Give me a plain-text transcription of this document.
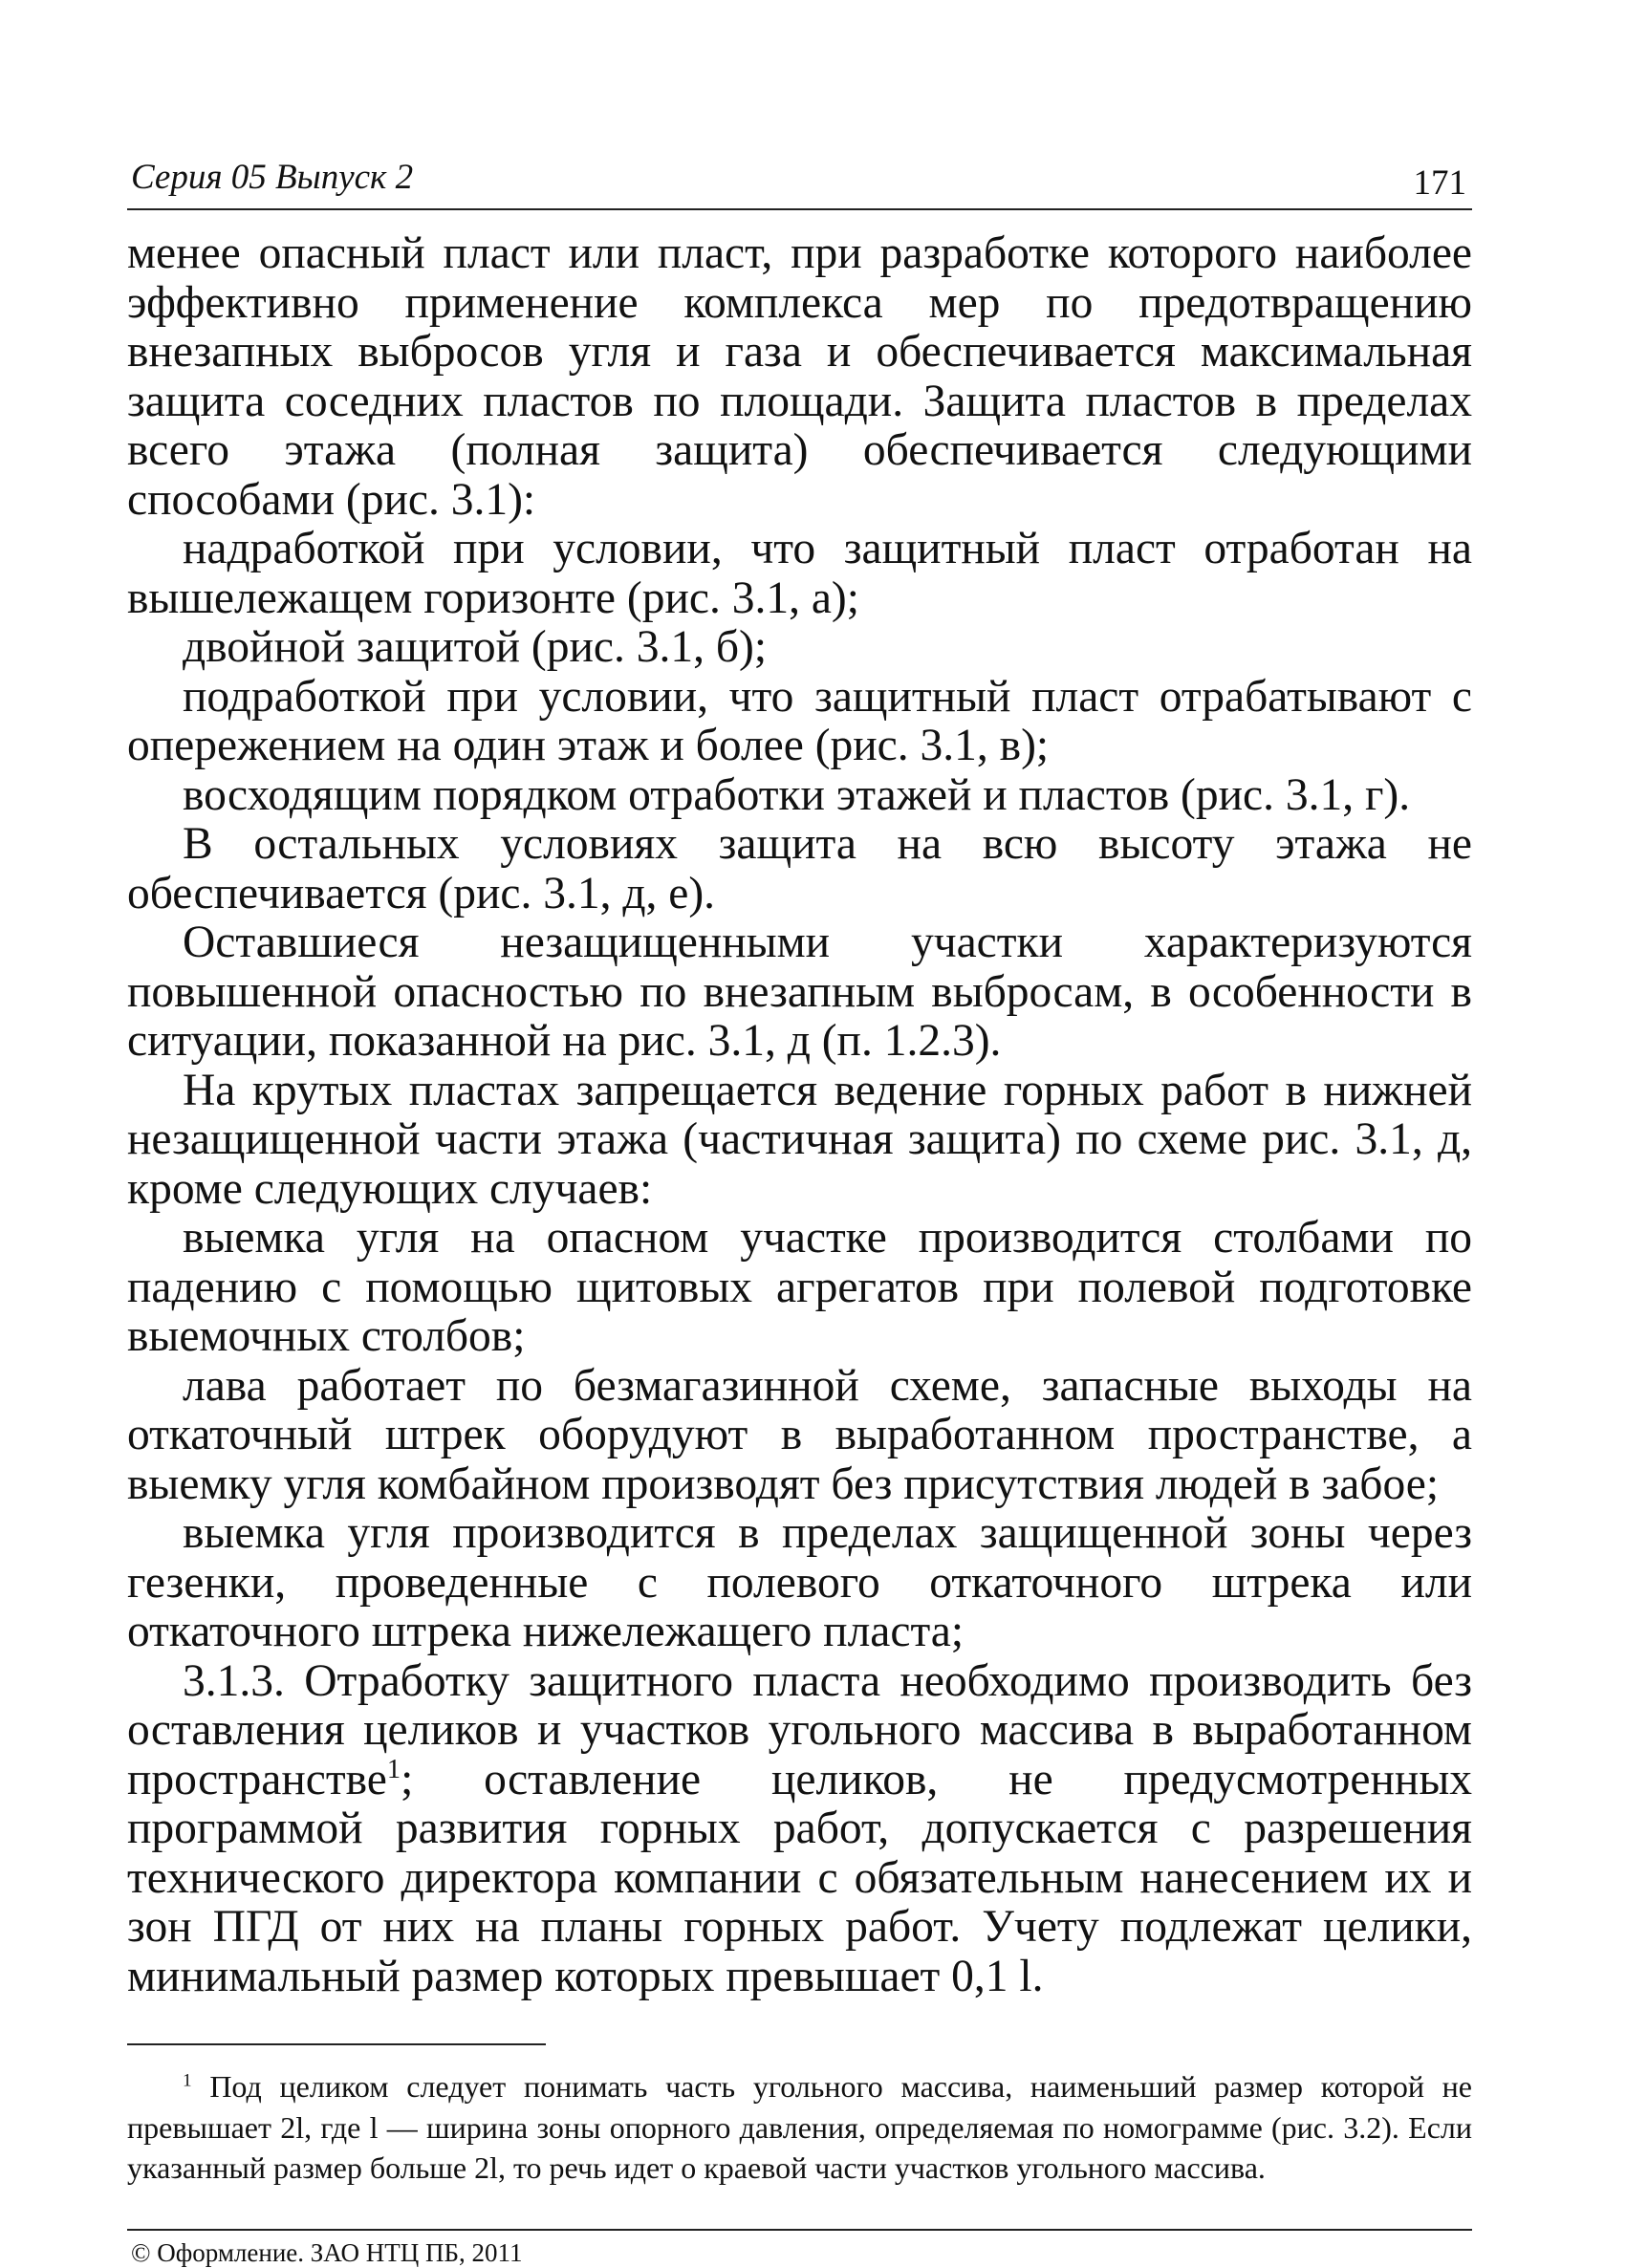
Серия 05 Выпуск 2	171

менее опасный пласт или пласт, при разработке которого наиболее эффективно применение комплекса мер по предотвращению внезапных выбросов угля и газа и обеспечивается максимальная защита соседних пластов по площади. Защита пластов в пределах всего этажа (полная защита) обеспечивается следующими способами (рис. 3.1):

надработкой при условии, что защитный пласт отработан на вышележащем горизонте (рис. 3.1, а);

двойной защитой (рис. 3.1, б);

подработкой при условии, что защитный пласт отрабатывают с опережением на один этаж и более (рис. 3.1, в);

восходящим порядком отработки этажей и пластов (рис. 3.1, г).

В остальных условиях защита на всю высоту этажа не обеспечивается (рис. 3.1, д, е).

Оставшиеся незащищенными участки характеризуются повышенной опасностью по внезапным выбросам, в особенности в ситуации, показанной на рис. 3.1, д (п. 1.2.3).

На крутых пластах запрещается ведение горных работ в нижней незащищенной части этажа (частичная защита) по схеме рис. 3.1, д, кроме следующих случаев:

выемка угля на опасном участке производится столбами по падению с помощью щитовых агрегатов при полевой подготовке выемочных столбов;

лава работает по безмагазинной схеме, запасные выходы на откаточный штрек оборудуют в выработанном пространстве, а выемку угля комбайном производят без присутствия людей в забое;

выемка угля производится в пределах защищенной зоны через гезенки, проведенные с полевого откаточного штрека или откаточного штрека нижележащего пласта;

3.1.3. Отработку защитного пласта необходимо производить без оставления целиков и участков угольного массива в выработанном пространстве$^1$; оставление целиков, не предусмотренных программой развития горных работ, допускается с разрешения технического директора компании с обязательным нанесением их и зон ПГД от них на планы горных работ. Учету подлежат целики, минимальный размер которых превышает 0,1 l.

$^1$ Под целиком следует понимать часть угольного массива, наименьший размер которой не превышает 2l, где l — ширина зоны опорного давления, определяемая по номограмме (рис. 3.2). Если указанный размер больше 2l, то речь идет о краевой части участков угольного массива.
© Оформление. ЗАО НТЦ ПБ, 2011
